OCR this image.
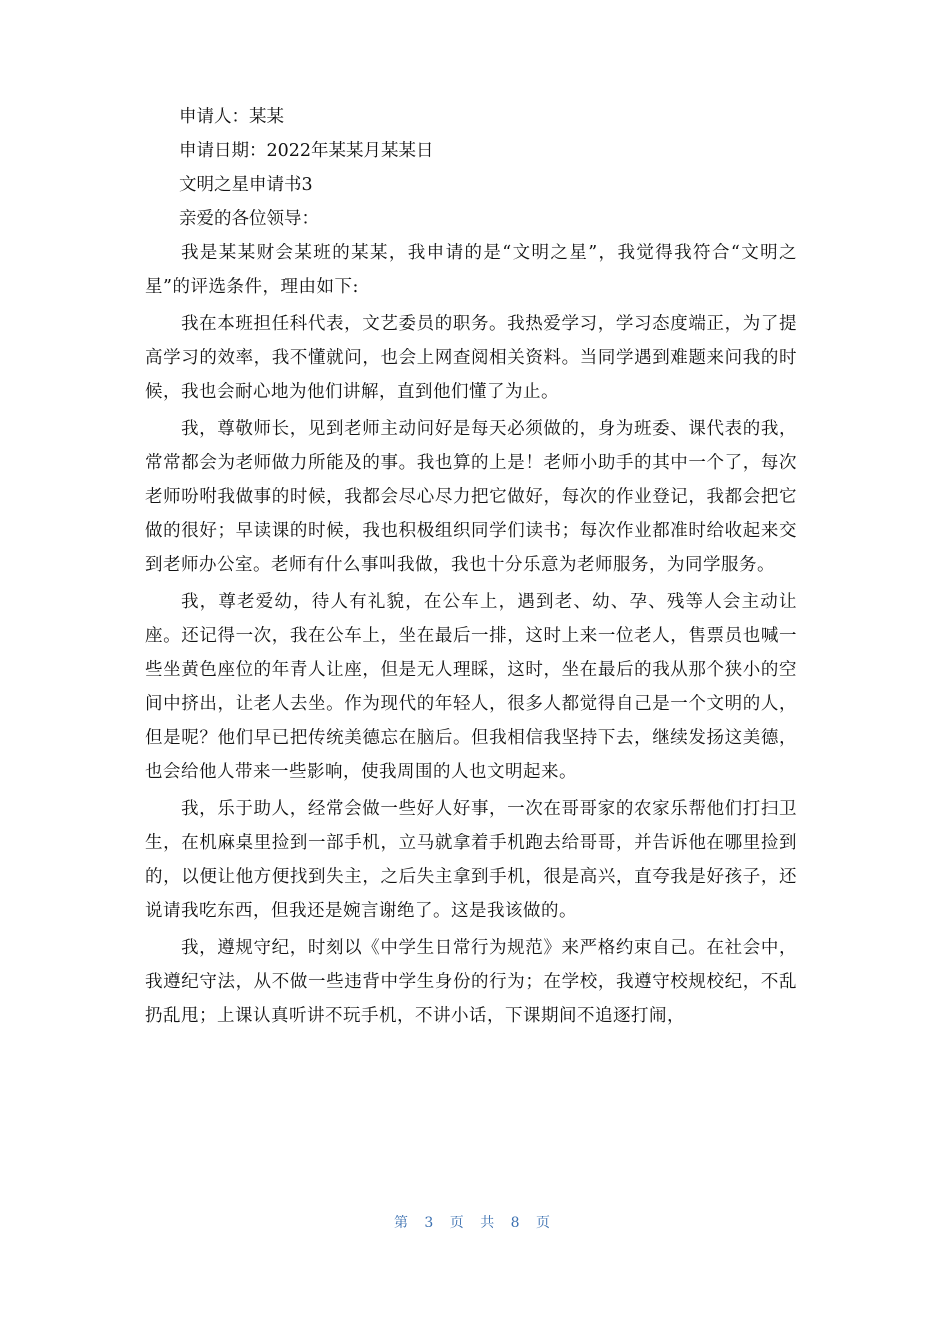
申请人：某某

申请日期：2022年某某月某某日

文明之星申请书3

亲爱的各位领导：

我是某某财会某班的某某，我申请的是“文明之星”，我觉得我符合“文明之星”的评选条件，理由如下:

我在本班担任科代表，文艺委员的职务。我热爱学习，学习态度端正，为了提高学习的效率，我不懂就问，也会上网查阅相关资料。当同学遇到难题来问我的时候，我也会耐心地为他们讲解，直到他们懂了为止。

我，尊敬师长，见到老师主动问好是每天必须做的，身为班委、课代表的我，常常都会为老师做力所能及的事。我也算的上是！老师小助手的其中一个了，每次老师吩咐我做事的时候，我都会尽心尽力把它做好，每次的作业登记，我都会把它做的很好；早读课的时候，我也积极组织同学们读书；每次作业都准时给收起来交到老师办公室。老师有什么事叫我做，我也十分乐意为老师服务，为同学服务。

我，尊老爱幼，待人有礼貌，在公车上，遇到老、幼、孕、残等人会主动让座。还记得一次，我在公车上，坐在最后一排，这时上来一位老人，售票员也喊一些坐黄色座位的年青人让座，但是无人理睬，这时，坐在最后的我从那个狭小的空间中挤出，让老人去坐。作为现代的年轻人，很多人都觉得自己是一个文明的人，但是呢？他们早已把传统美德忘在脑后。但我相信我坚持下去，继续发扬这美德，也会给他人带来一些影响，使我周围的人也文明起来。

我，乐于助人，经常会做一些好人好事，一次在哥哥家的农家乐帮他们打扫卫生，在机麻桌里捡到一部手机，立马就拿着手机跑去给哥哥，并告诉他在哪里捡到的，以便让他方便找到失主，之后失主拿到手机，很是高兴，直夸我是好孩子，还说请我吃东西，但我还是婉言谢绝了。这是我该做的。

我，遵规守纪，时刻以《中学生日常行为规范》来严格约束自己。在社会中，我遵纪守法，从不做一些违背中学生身份的行为；在学校，我遵守校规校纪，不乱扔乱甩；上课认真听讲不玩手机，不讲小话，下课期间不追逐打闹，

第 3 页 共 8 页
